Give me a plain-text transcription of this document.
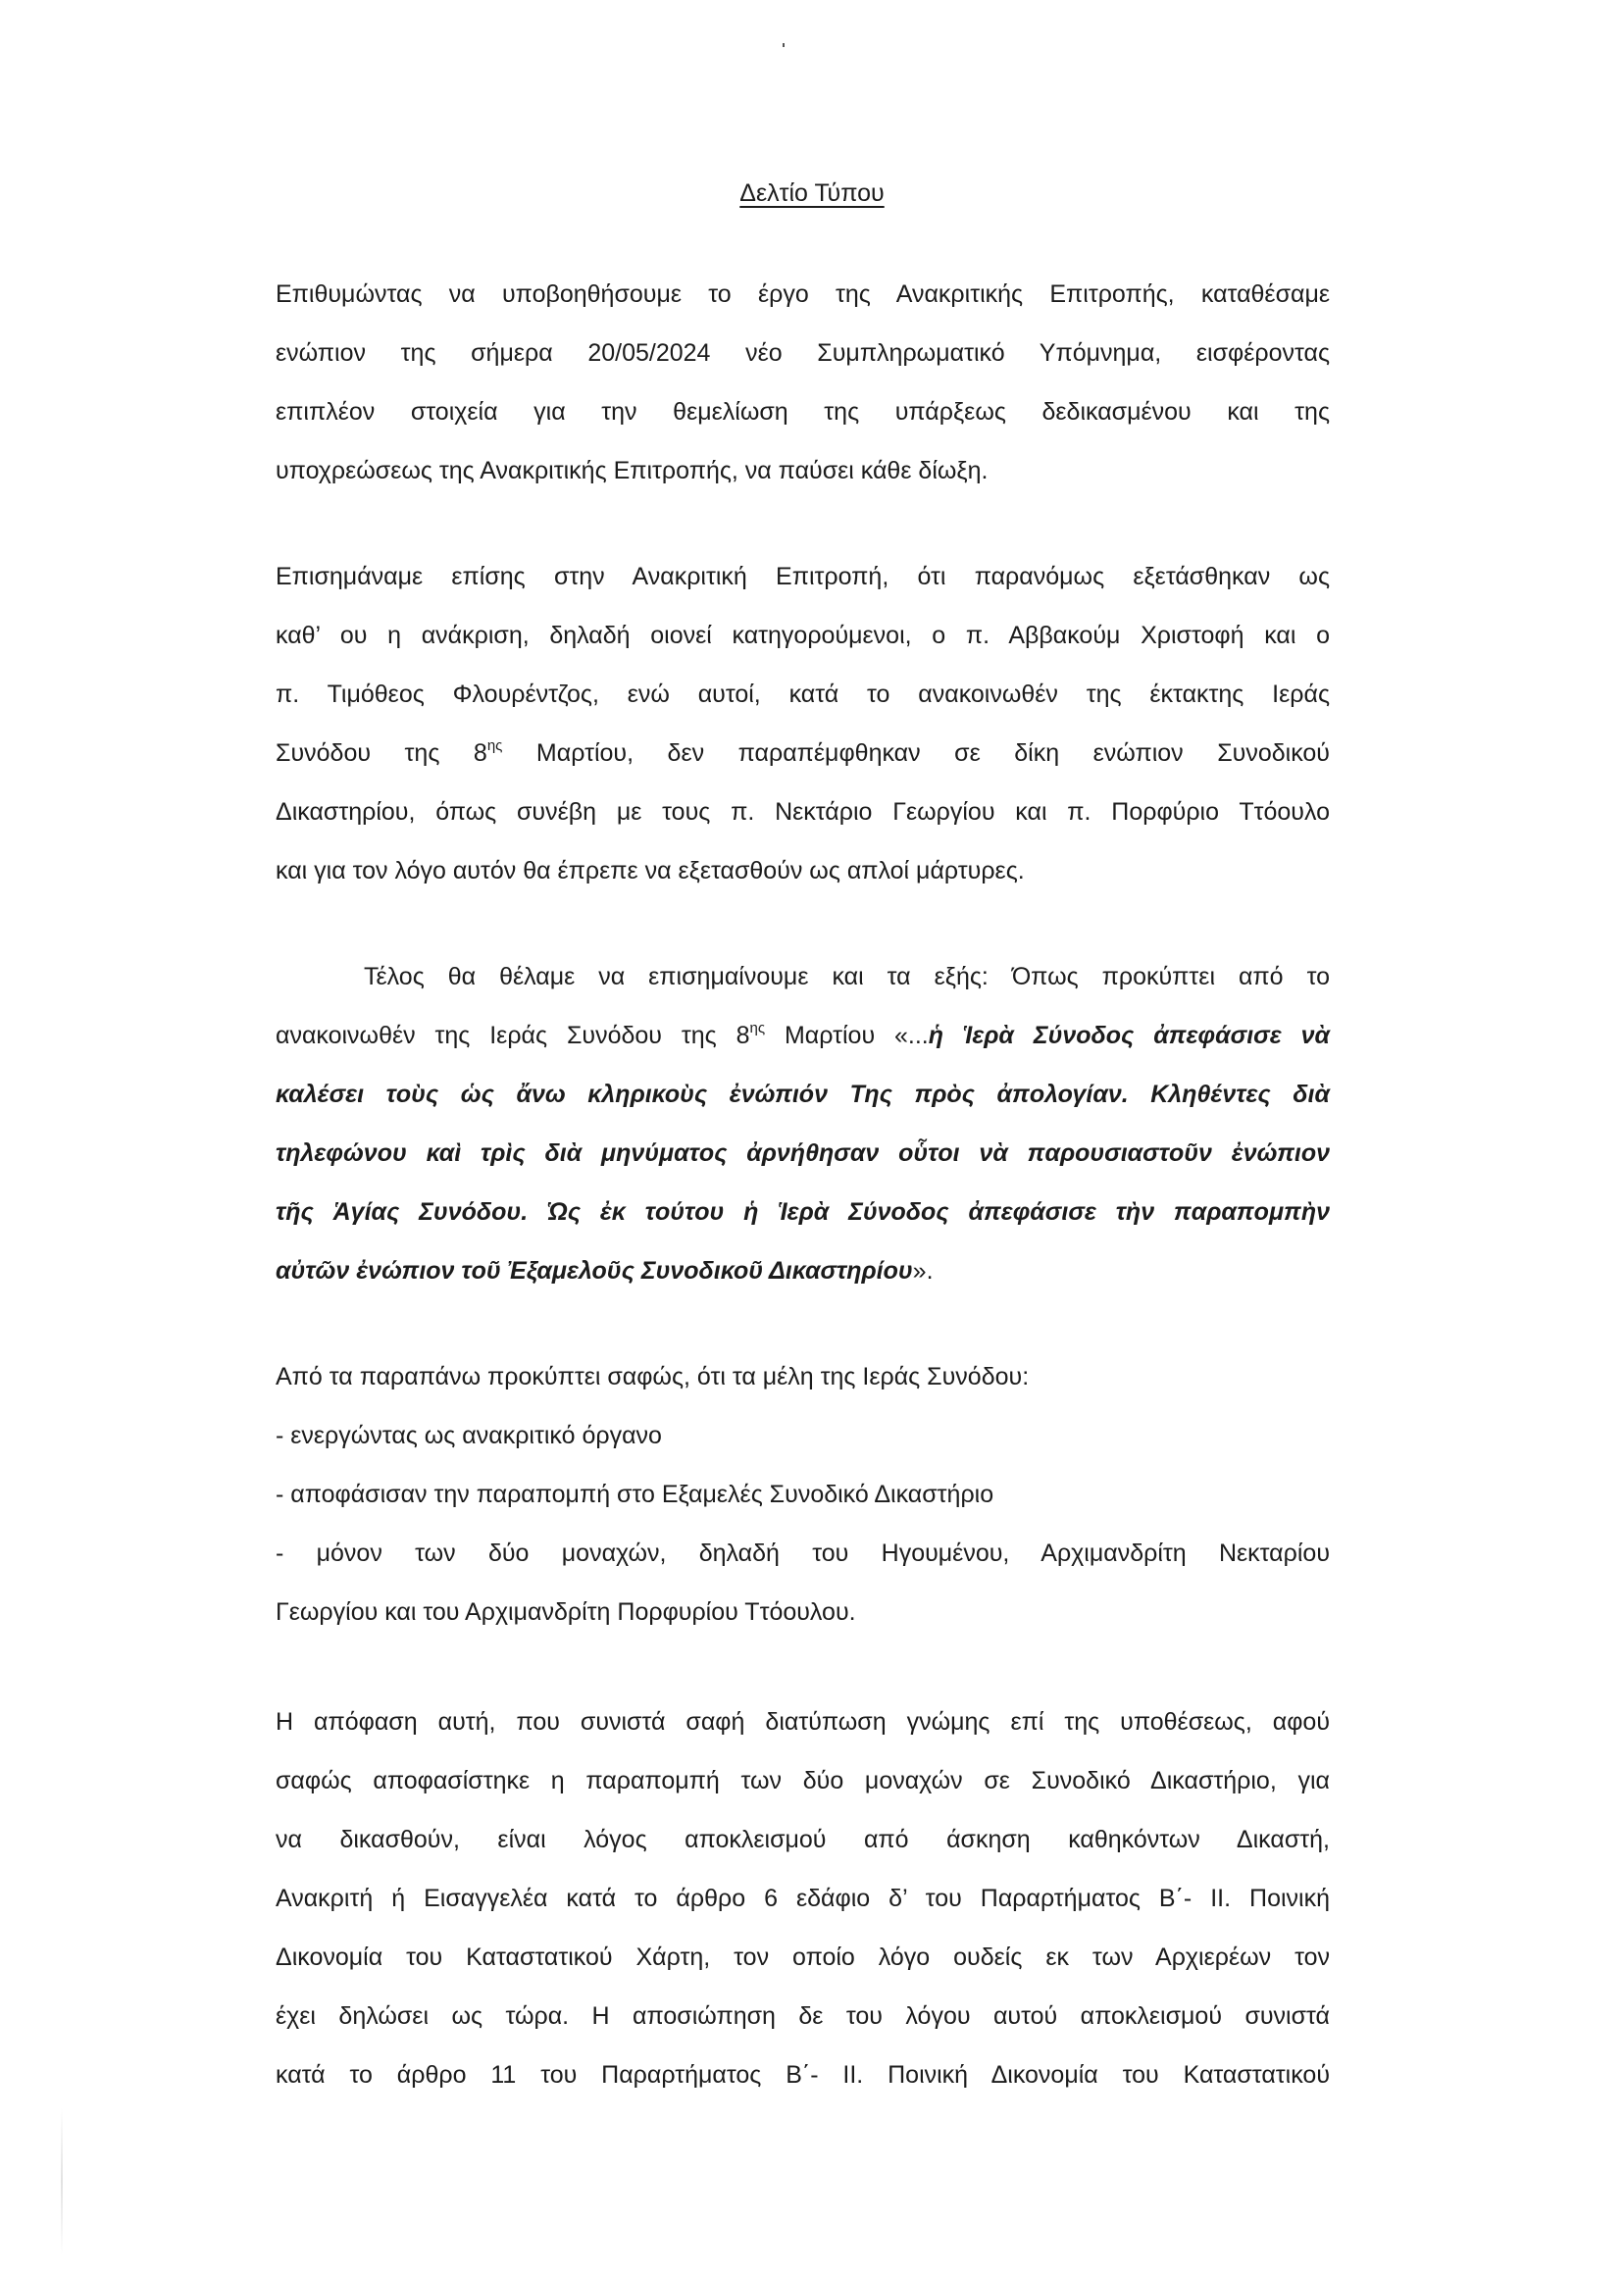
Δελτίο Τύπου
Επιθυμώντας να υποβοηθήσουμε το έργο της Ανακριτικής Επιτροπής, καταθέσαμε
ενώπιον της σήμερα 20/05/2024 νέο Συμπληρωματικό Υπόμνημα, εισφέροντας
επιπλέον στοιχεία για την θεμελίωση της υπάρξεως δεδικασμένου και της
υποχρεώσεως της Ανακριτικής Επιτροπής, να παύσει κάθε δίωξη.
Επισημάναμε επίσης στην Ανακριτική Επιτροπή, ότι παρανόμως εξετάσθηκαν ως
καθ’ ου η ανάκριση, δηλαδή οιονεί κατηγορούμενοι, ο π. Αββακούμ Χριστοφή και ο
π. Τιμόθεος Φλουρέντζος, ενώ αυτοί, κατά το ανακοινωθέν της έκτακτης Ιεράς
Συνόδου της $8^{\eta\varsigma}$ Μαρτίου, δεν παραπέμφθηκαν σε δίκη ενώπιον Συνοδικού
Δικαστηρίου, όπως συνέβη με τους π. Νεκτάριο Γεωργίου και π. Πορφύριο Ττόουλο
και για τον λόγο αυτόν θα έπρεπε να εξετασθούν ως απλοί μάρτυρες.
Τέλος θα θέλαμε να επισημαίνουμε και τα εξής: Όπως προκύπτει από το
ανακοινωθέν της Ιεράς Συνόδου της $8^{\eta\varsigma}$ Μαρτίου «...ἡ Ἱερὰ Σύνοδος ἀπεφάσισε νὰ
καλέσει τοὺς ὡς ἄνω κληρικοὺς ἐνώπιόν Της πρὸς ἀπολογίαν. Κληθέντες διὰ
τηλεφώνου καὶ τρὶς διὰ μηνύματος ἀρνήθησαν οὗτοι νὰ παρουσιαστοῦν ἐνώπιον
τῆς Ἁγίας Συνόδου. Ὡς ἐκ τούτου ἡ Ἱερὰ Σύνοδος ἀπεφάσισε τὴν παραπομπὴν
αὐτῶν ἐνώπιον τοῦ Ἐξαμελοῦς Συνοδικοῦ Δικαστηρίου».
Από τα παραπάνω προκύπτει σαφώς, ότι τα μέλη της Ιεράς Συνόδου:
- ενεργώντας ως ανακριτικό όργανο
- αποφάσισαν την παραπομπή στο Εξαμελές Συνοδικό Δικαστήριο
- μόνον των δύο μοναχών, δηλαδή του Ηγουμένου, Αρχιμανδρίτη Νεκταρίου
Γεωργίου και του Αρχιμανδρίτη Πορφυρίου Ττόουλου.
Η απόφαση αυτή, που συνιστά σαφή διατύπωση γνώμης επί της υποθέσεως, αφού
σαφώς αποφασίστηκε η παραπομπή των δύο μοναχών σε Συνοδικό Δικαστήριο, για
να δικασθούν, είναι λόγος αποκλεισμού από άσκηση καθηκόντων Δικαστή,
Ανακριτή ή Εισαγγελέα κατά το άρθρο 6 εδάφιο δ’ του Παραρτήματος Β΄- ΙΙ. Ποινική
Δικονομία του Καταστατικού Χάρτη, τον οποίο λόγο ουδείς εκ των Αρχιερέων τον
έχει δηλώσει ως τώρα. Η αποσιώπηση δε του λόγου αυτού αποκλεισμού συνιστά
κατά το άρθρο 11 του Παραρτήματος Β΄- ΙΙ. Ποινική Δικονομία του Καταστατικού
